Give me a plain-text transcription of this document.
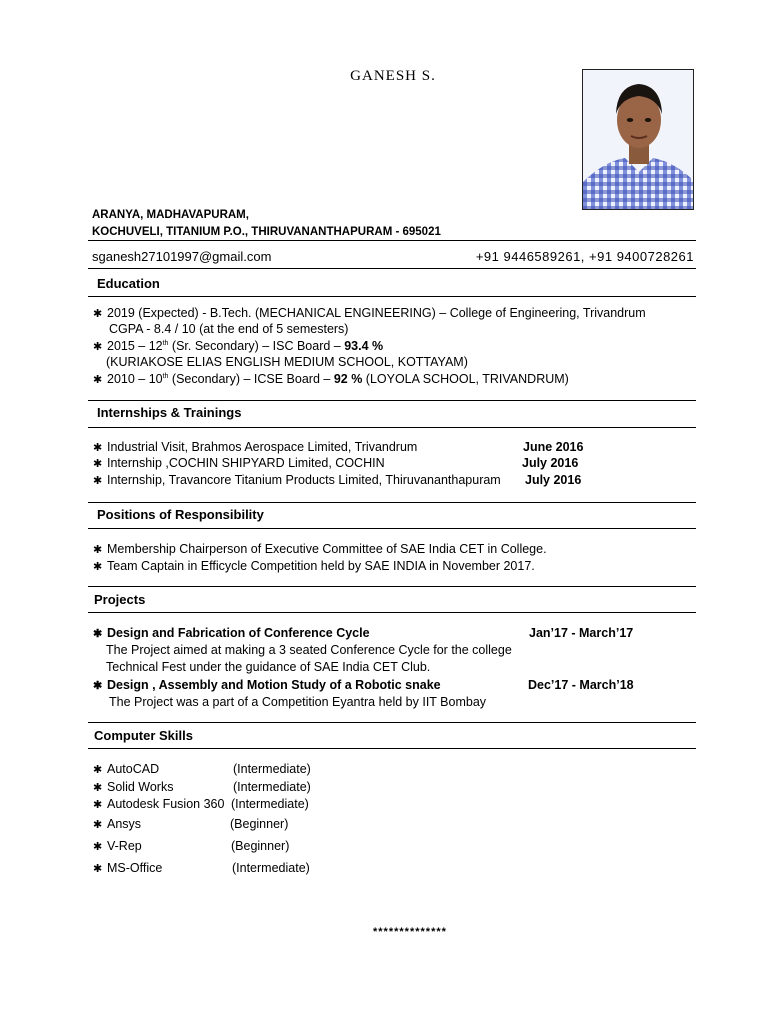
GANESH S.
ARANYA, MADHAVAPURAM,
KOCHUVELI, TITANIUM P.O., THIRUVANANTHAPURAM - 695021
sganesh27101997@gmail.com	+91 9446589261, +91 9400728261
Education
✱ 2019 (Expected) - B.Tech. (MECHANICAL ENGINEERING) – College of Engineering, Trivandrum
CGPA - 8.4 / 10 (at the end of 5 semesters)
✱ 2015 – 12th (Sr. Secondary) – ISC Board – 93.4 %
(KURIAKOSE ELIAS ENGLISH MEDIUM SCHOOL, KOTTAYAM)
✱ 2010 – 10th (Secondary) – ICSE Board – 92 % (LOYOLA SCHOOL, TRIVANDRUM)
Internships & Trainings
✱ Industrial Visit, Brahmos Aerospace Limited, Trivandrum	June 2016
✱ Internship ,COCHIN SHIPYARD Limited, COCHIN	July 2016
✱ Internship, Travancore Titanium Products Limited, Thiruvananthapuram July 2016
Positions of Responsibility
✱ Membership Chairperson of Executive Committee of SAE India CET in College.
✱ Team Captain in Efficycle Competition held by SAE INDIA in November 2017.
Projects
✱ Design and Fabrication of Conference Cycle	Jan’17 - March’17
The Project aimed at making a 3 seated Conference Cycle for the college
Technical Fest under the guidance of SAE India CET Club.
✱ Design , Assembly and Motion Study of a Robotic snake	Dec’17 - March’18
The Project was a part of a Competition Eyantra held by IIT Bombay
Computer Skills
✱ AutoCAD	(Intermediate)
✱ Solid Works	(Intermediate)
✱ Autodesk Fusion 360 (Intermediate)
✱ Ansys	(Beginner)
✱ V-Rep	(Beginner)
✱ MS-Office	(Intermediate)
**************
